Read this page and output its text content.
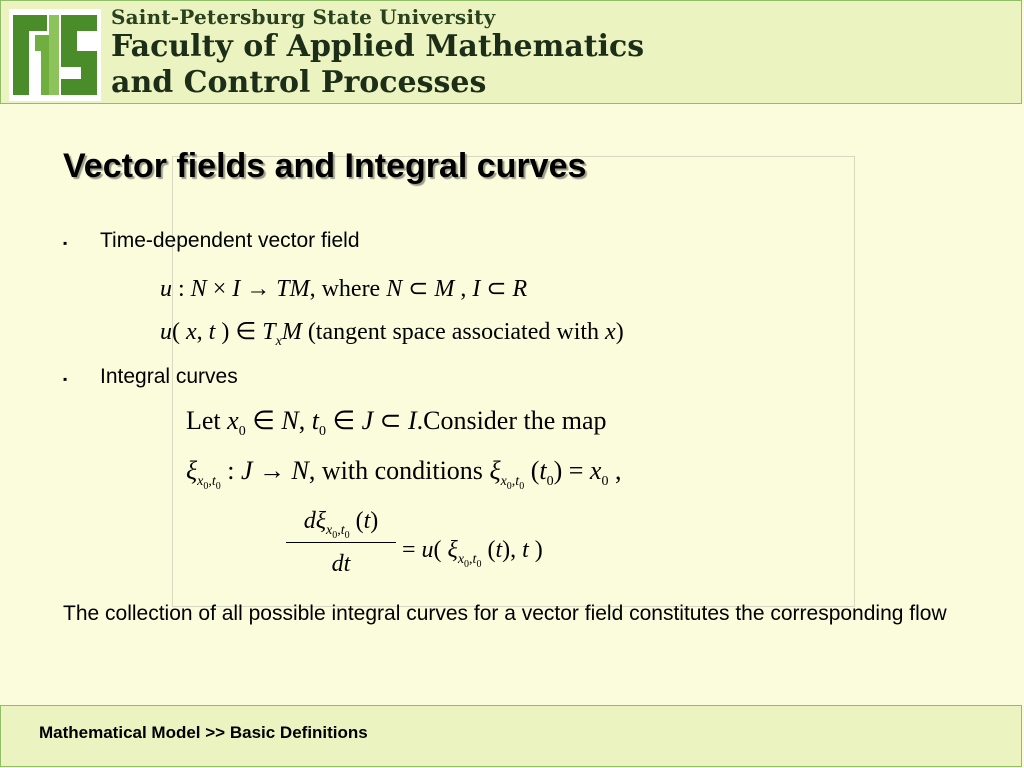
Saint-Petersburg State University
Faculty of Applied Mathematics
and Control Processes
Vector fields and Integral curves
▪ Time-dependent vector field
u : N × I → TM, where N ⊂ M , I ⊂ R
u( x, t ) ∈ $T_xM$ (tangent space associated with x)
▪ Integral curves
Let $x_0$ ∈ N, $t_0$ ∈ J ⊂ I.Consider the map
$\xi_{x_0,t_0}$ : J → N, with conditions $\xi_{x_0,t_0}$ $(t_0) = x_0$ ,
$d\xi_{x_0,t_0}$ (t)
dt
= u( $\xi_{x_0,t_0}$ (t), t )
The collection of all possible integral curves for a vector field constitutes the corresponding flow
Mathematical Model >> Basic Definitions
